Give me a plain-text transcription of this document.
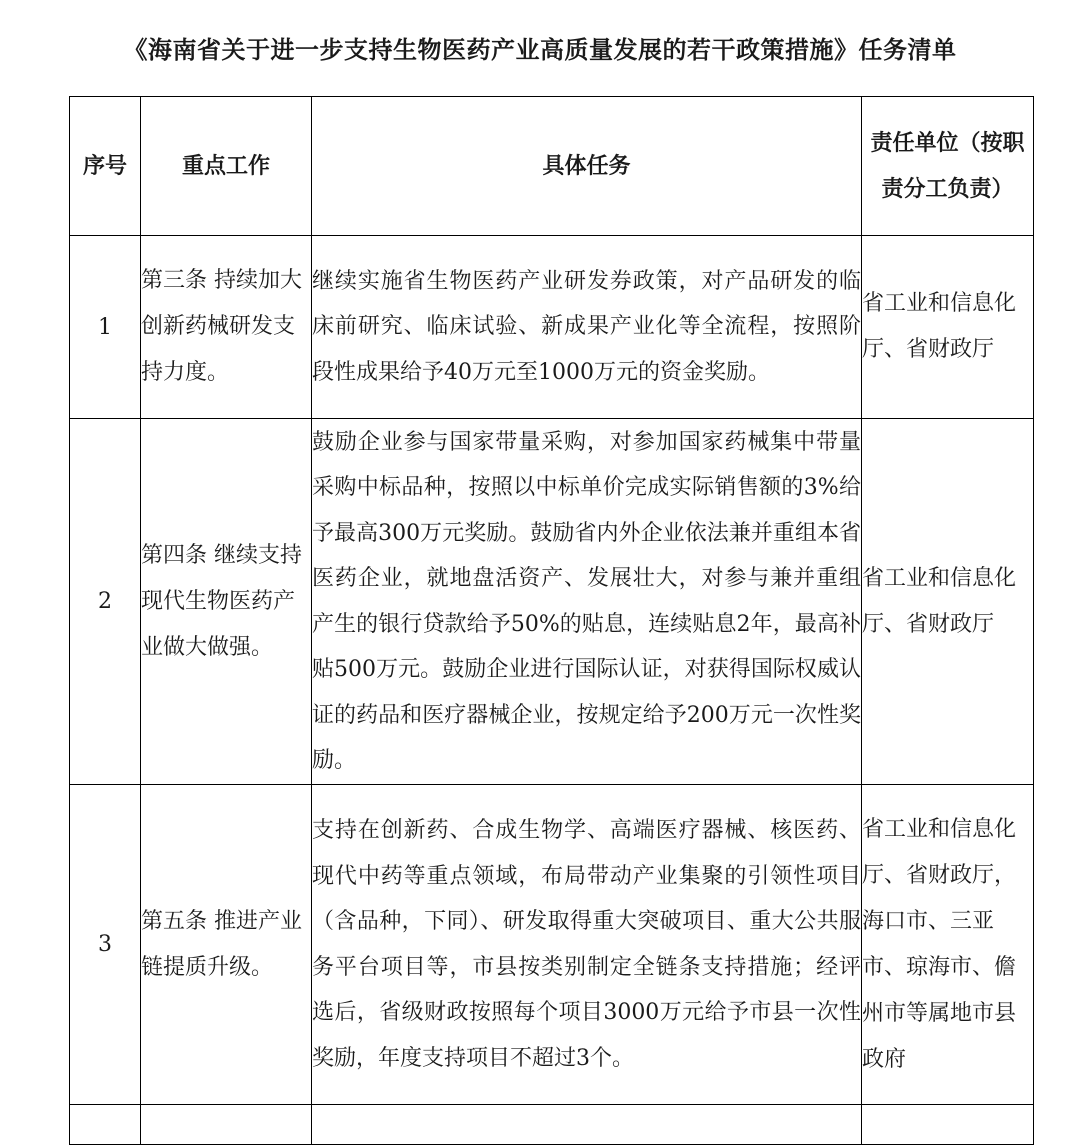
《海南省关于进一步支持生物医药产业高质量发展的若干政策措施》任务清单
序号	重点工作	具体任务	责任单位（按职责分工负责）
1	第三条 持续加大创新药械研发支持力度。	继续实施省生物医药产业研发券政策，对产品研发的临床前研究、临床试验、新成果产业化等全流程，按照阶段性成果给予40万元至1000万元的资金奖励。	省工业和信息化厅、省财政厅
2	第四条 继续支持现代生物医药产业做大做强。	鼓励企业参与国家带量采购，对参加国家药械集中带量采购中标品种，按照以中标单价完成实际销售额的3%给予最高300万元奖励。鼓励省内外企业依法兼并重组本省医药企业，就地盘活资产、发展壮大，对参与兼并重组产生的银行贷款给予50%的贴息，连续贴息2年，最高补贴500万元。鼓励企业进行国际认证，对获得国际权威认证的药品和医疗器械企业，按规定给予200万元一次性奖励。	省工业和信息化厅、省财政厅
3	第五条 推进产业链提质升级。	支持在创新药、合成生物学、高端医疗器械、核医药、现代中药等重点领域，布局带动产业集聚的引领性项目（含品种，下同）、研发取得重大突破项目、重大公共服务平台项目等，市县按类别制定全链条支持措施；经评选后，省级财政按照每个项目3000万元给予市县一次性奖励，年度支持项目不超过3个。	省工业和信息化厅、省财政厅，海口市、三亚市、琼海市、儋州市等属地市县政府
